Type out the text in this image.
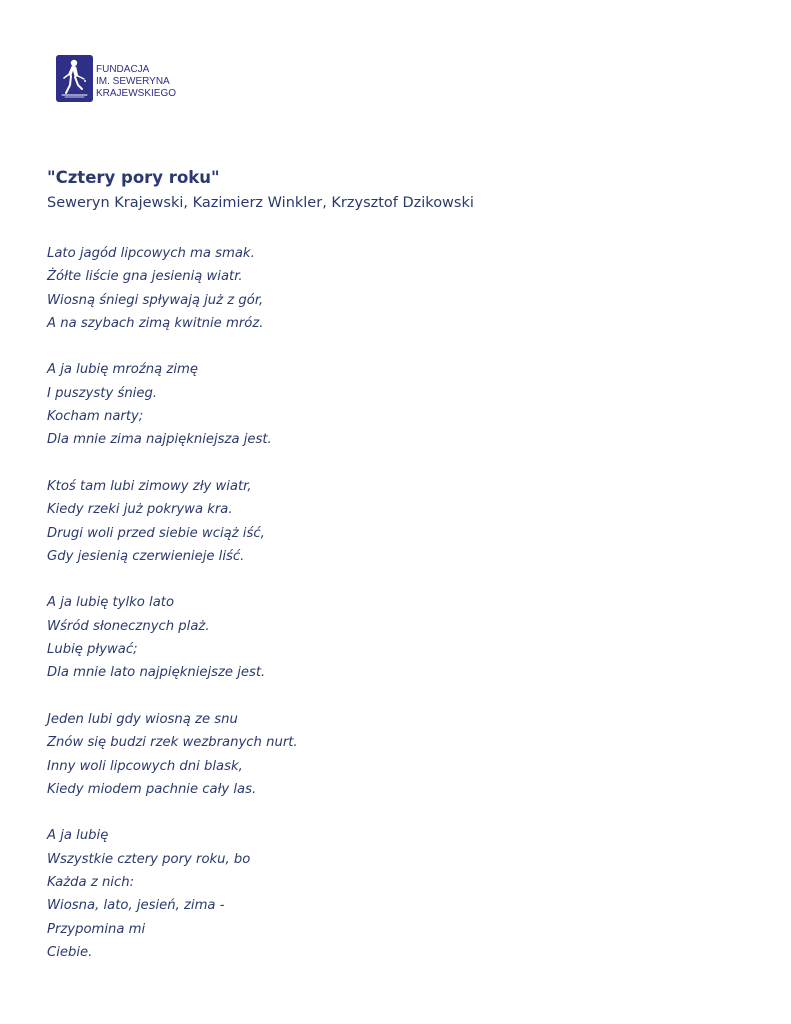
FUNDACJA
IM. SEWERYNA
KRAJEWSKIEGO
"Cztery pory roku"

Seweryn Krajewski, Kazimierz Winkler, Krzysztof Dzikowski

Lato jagód lipcowych ma smak.
Żółte liście gna jesienią wiatr.
Wiosną śniegi spływają już z gór,
A na szybach zimą kwitnie mróz.
A ja lubię mroźną zimę
I puszysty śnieg.
Kocham narty;
Dla mnie zima najpiękniejsza jest.
Ktoś tam lubi zimowy zły wiatr,
Kiedy rzeki już pokrywa kra.
Drugi woli przed siebie wciąż iść,
Gdy jesienią czerwienieje liść.
A ja lubię tylko lato
Wśród słonecznych plaż.
Lubię pływać;
Dla mnie lato najpiękniejsze jest.
Jeden lubi gdy wiosną ze snu
Znów się budzi rzek wezbranych nurt.
Inny woli lipcowych dni blask,
Kiedy miodem pachnie cały las.
A ja lubię
Wszystkie cztery pory roku, bo
Każda z nich:
Wiosna, lato, jesień, zima -
Przypomina mi
Ciebie.
